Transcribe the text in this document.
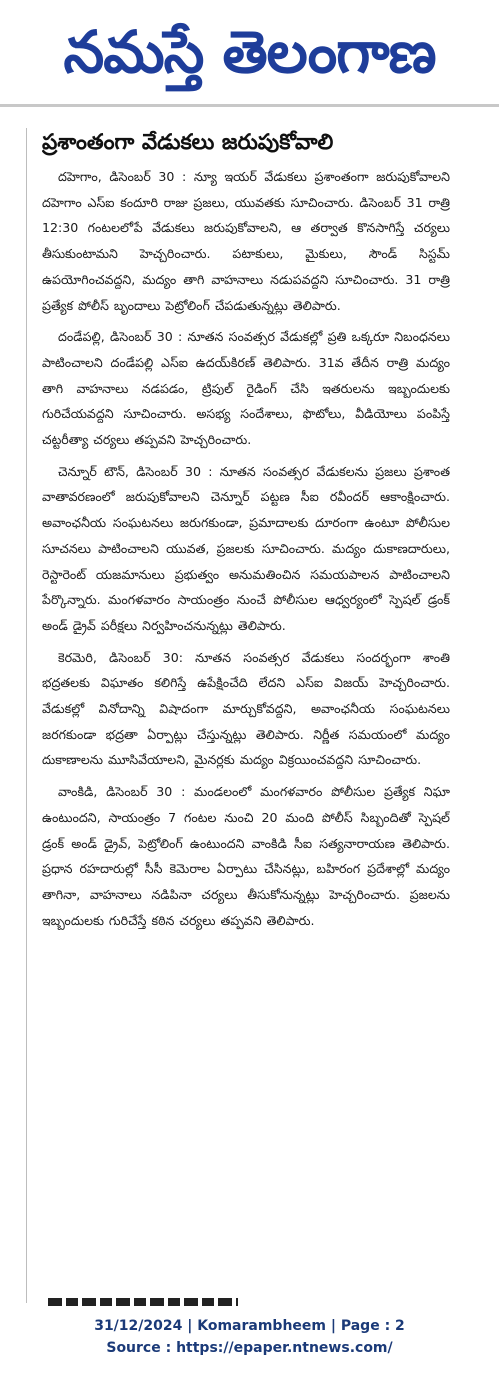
నమస్తే తెలంగాణ
ప్రశాంతంగా వేడుకలు జరుపుకోవాలి

దహెగాం, డిసెంబర్ 30 : న్యూ ఇయర్ వేడుకలు ప్రశాంతంగా జరుపుకోవాలని దహెగాం ఎస్ఐ కందూరి రాజు ప్రజలు, యువతకు సూచించారు. డిసెంబర్ 31 రాత్రి 12:30 గంటలలోపే వేడుకలు జరుపుకోవాలని, ఆ తర్వాత కొనసాగిస్తే చర్యలు తీసుకుంటామని హెచ్చరించారు. పటాకులు, మైకులు, సౌండ్ సిస్టమ్ ఉపయోగించవద్దని, మద్యం తాగి వాహనాలు నడుపవద్దని సూచించారు. 31 రాత్రి ప్రత్యేక పోలీస్ బృందాలు పెట్రోలింగ్ చేపడుతున్నట్లు తెలిపారు.

దండేపల్లి, డిసెంబర్ 30 : నూతన సంవత్సర వేడుకల్లో ప్రతి ఒక్కరూ నిబంధనలు పాటించాలని దండేపల్లి ఎస్ఐ ఉదయ్‌కిరణ్ తెలిపారు. 31వ తేదీన రాత్రి మద్యం తాగి వాహనాలు నడపడం, ట్రిపుల్ రైడింగ్ చేసి ఇతరులను ఇబ్బందులకు గురిచేయవద్దని సూచించారు. అసభ్య సందేశాలు, ఫొటోలు, వీడియోలు పంపిస్తే చట్టరీత్యా చర్యలు తప్పవని హెచ్చరించారు.

చెన్నూర్ టౌన్, డిసెంబర్ 30 : నూతన సంవత్సర వేడుకలను ప్రజలు ప్రశాంత వాతావరణంలో జరుపుకోవాలని చెన్నూర్ పట్టణ సీఐ రవీందర్ ఆకాంక్షించారు. అవాంఛనీయ సంఘటనలు జరుగకుండా, ప్రమాదాలకు దూరంగా ఉంటూ పోలీసుల సూచనలు పాటించాలని యువత, ప్రజలకు సూచించారు. మద్యం దుకాణదారులు, రెస్టారెంట్ యజమానులు ప్రభుత్వం అనుమతించిన సమయపాలన పాటించాలని పేర్కొన్నారు. మంగళవారం సాయంత్రం నుంచే పోలీసుల ఆధ్వర్యంలో స్పెషల్ డ్రంక్ అండ్ డ్రైవ్ పరీక్షలు నిర్వహించనున్నట్లు తెలిపారు.

కెరమెరి, డిసెంబర్ 30: నూతన సంవత్సర వేడుకలు సందర్భంగా శాంతి భద్రతలకు విఘాతం కలిగిస్తే ఉపేక్షించేది లేదని ఎస్ఐ విజయ్ హెచ్చరించారు. వేడుకల్లో వినోదాన్ని విషాదంగా మార్చుకోవద్దని, అవాంఛనీయ సంఘటనలు జరగకుండా భద్రతా ఏర్పాట్లు చేస్తున్నట్లు తెలిపారు. నిర్ణీత సమయంలో మద్యం దుకాణాలను మూసివేయాలని, మైనర్లకు మద్యం విక్రయించవద్దని సూచించారు.

వాంకిడి, డిసెంబర్ 30 : మండలంలో మంగళవారం పోలీసుల ప్రత్యేక నిఘా ఉంటుందని, సాయంత్రం 7 గంటల నుంచి 20 మంది పోలీస్ సిబ్బందితో స్పెషల్ డ్రంక్ అండ్ డ్రైవ్, పెట్రోలింగ్ ఉంటుందని వాంకిడి సీఐ సత్యనారాయణ తెలిపారు. ప్రధాన రహదారుల్లో సీసీ కెమెరాల ఏర్పాటు చేసినట్లు, బహిరంగ ప్రదేశాల్లో మద్యం తాగినా, వాహనాలు నడిపినా చర్యలు తీసుకోనున్నట్లు హెచ్చరించారు. ప్రజలను ఇబ్బందులకు గురిచేస్తే కఠిన చర్యలు తప్పవని తెలిపారు.

31/12/2024 | Komarambheem | Page : 2
Source : https://epaper.ntnews.com/
